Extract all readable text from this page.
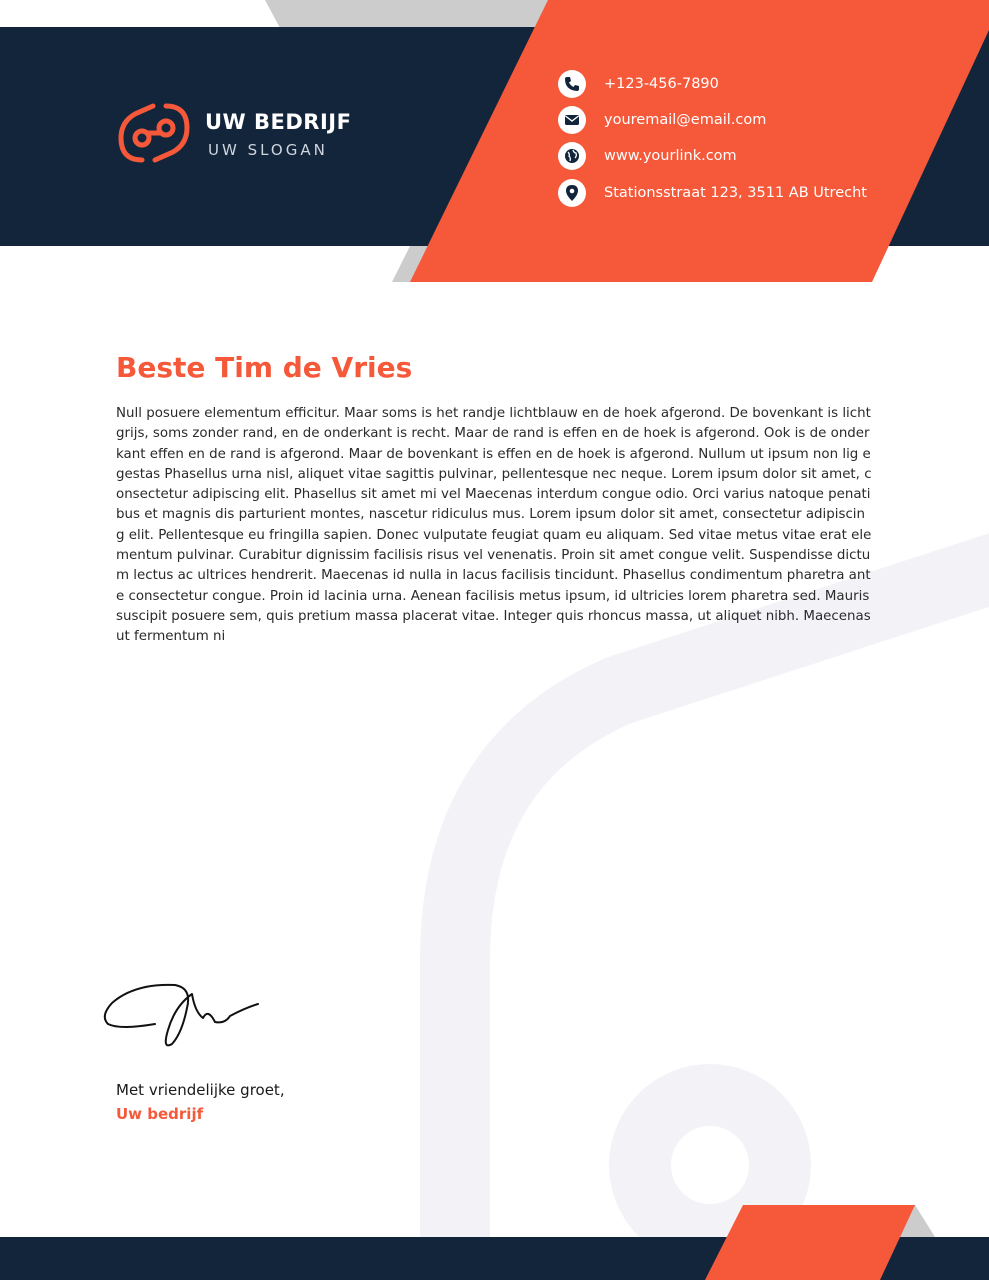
UW BEDRIJF
UW SLOGAN
+123-456-7890
youremail@email.com
www.yourlink.com
Stationsstraat 123, 3511 AB Utrecht
Beste Tim de Vries
Null posuere elementum efficitur. Maar soms is het randje lichtblauw en de hoek afgerond. De bovenkant is lichtgrijs, soms zonder rand, en de onderkant is recht. Maar de rand is effen en de hoek is afgerond. Ook is de onderkant effen en de rand is afgerond. Maar de bovenkant is effen en de hoek is afgerond. Nullum ut ipsum non lig egestas Phasellus urna nisl, aliquet vitae sagittis pulvinar, pellentesque nec neque. Lorem ipsum dolor sit amet, consectetur adipiscing elit. Phasellus sit amet mi vel Maecenas interdum congue odio. Orci varius natoque penatibus et magnis dis parturient montes, nascetur ridiculus mus. Lorem ipsum dolor sit amet, consectetur adipiscing elit. Pellentesque eu fringilla sapien. Donec vulputate feugiat quam eu aliquam. Sed vitae metus vitae erat elementum pulvinar. Curabitur dignissim facilisis risus vel venenatis. Proin sit amet congue velit. Suspendisse dictum lectus ac ultrices hendrerit. Maecenas id nulla in lacus facilisis tincidunt. Phasellus condimentum pharetra ante consectetur congue. Proin id lacinia urna. Aenean facilisis metus ipsum, id ultricies lorem pharetra sed. Mauris suscipit posuere sem, quis pretium massa placerat vitae. Integer quis rhoncus massa, ut aliquet nibh. Maecenas ut fermentum ni
Met vriendelijke groet,
Uw bedrijf
